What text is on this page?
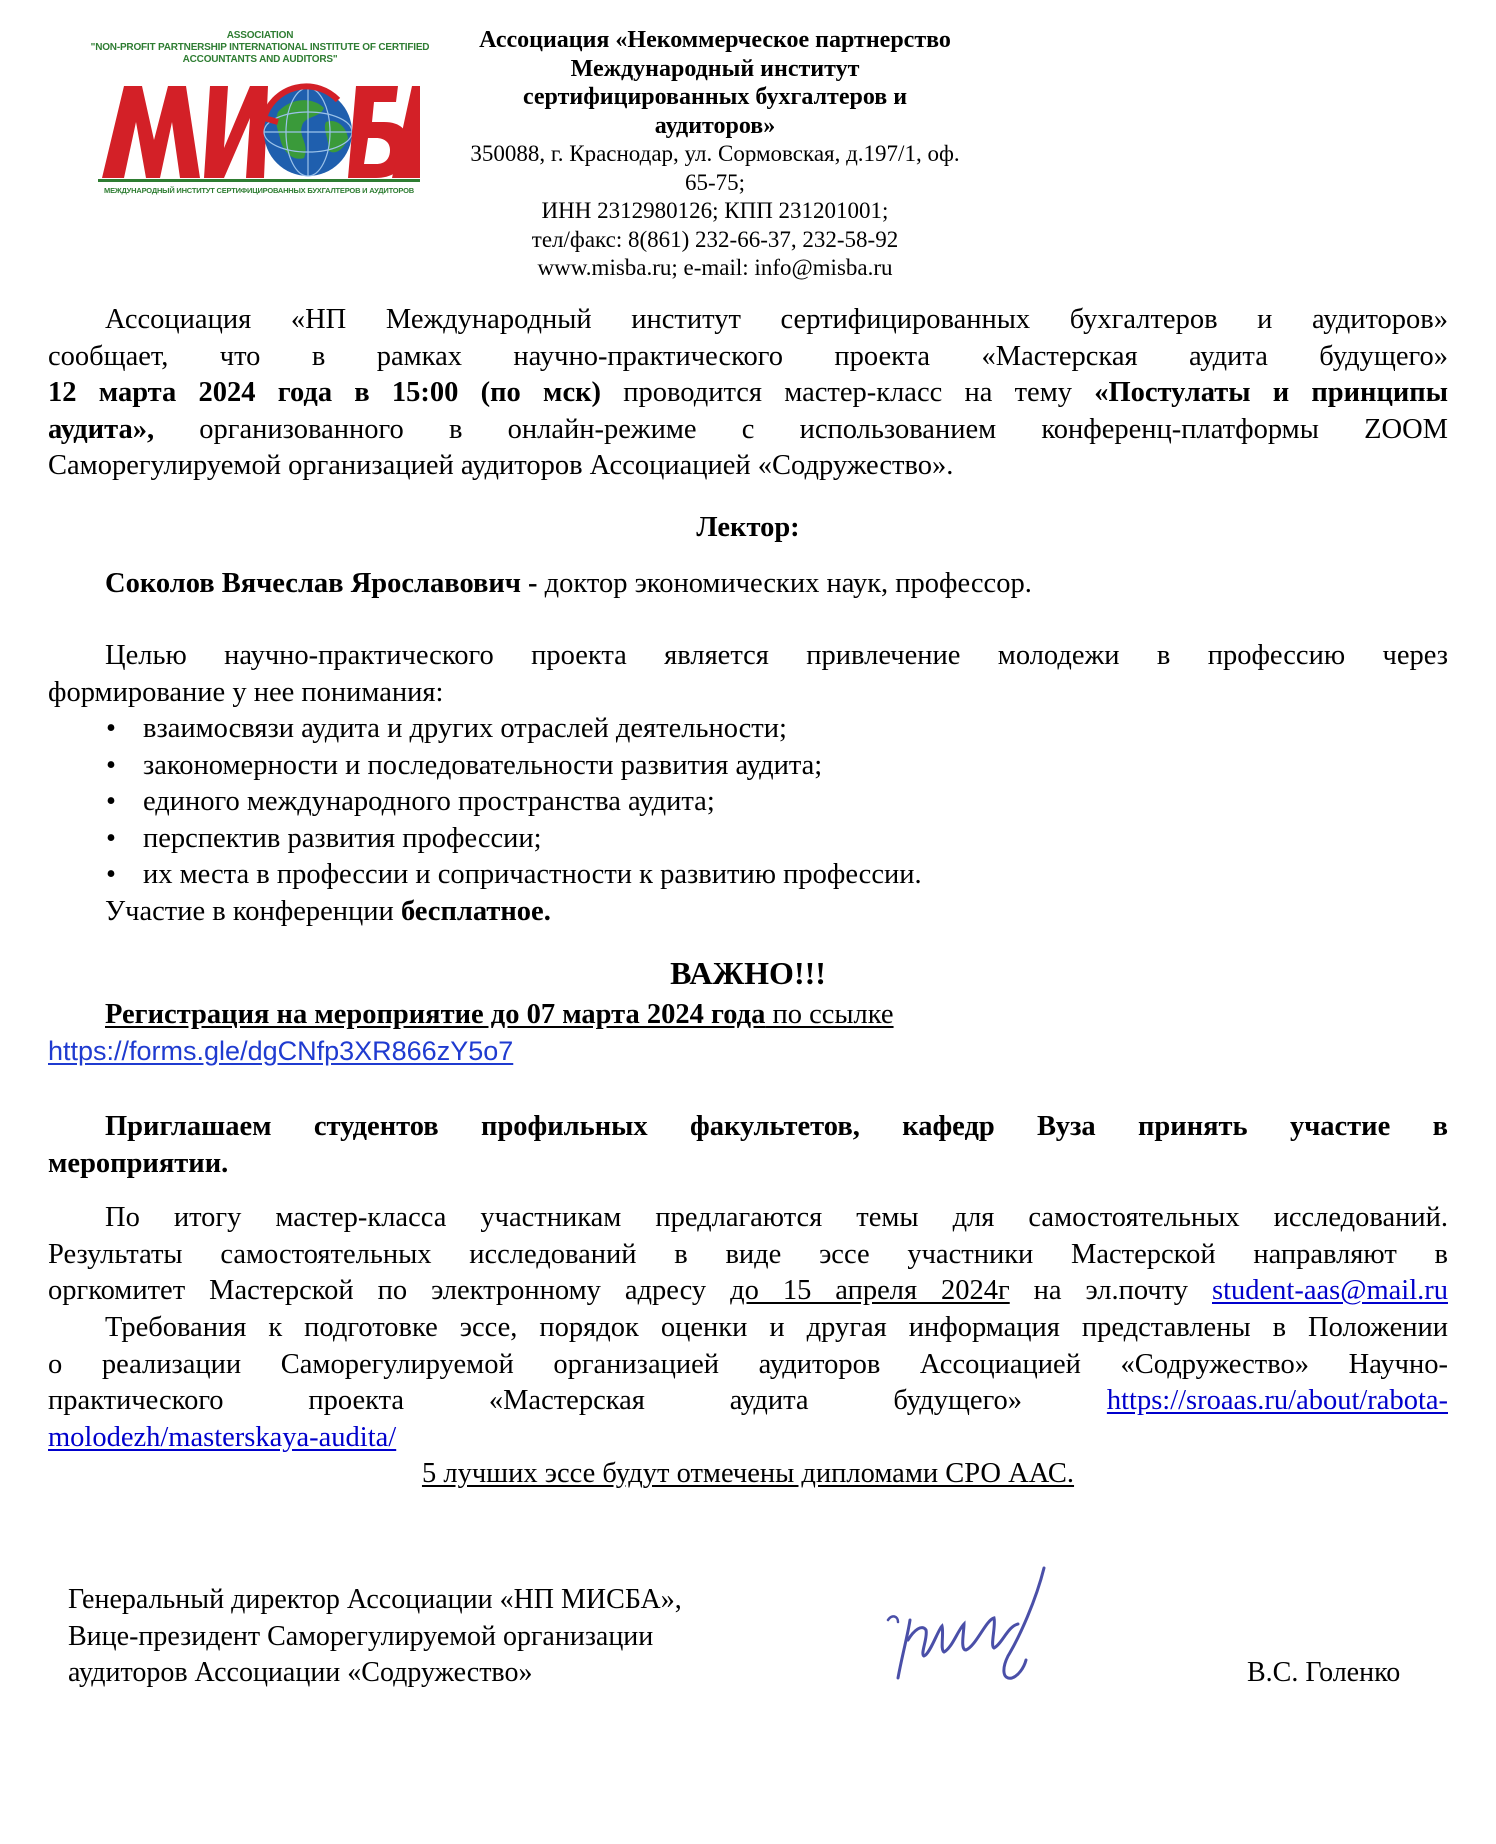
ASSOCIATION
"NON-PROFIT PARTNERSHIP INTERNATIONAL INSTITUTE OF CERTIFIED
ACCOUNTANTS AND AUDITORS"
МЕЖДУНАРОДНЫЙ ИНСТИТУТ СЕРТИФИЦИРОВАННЫХ БУХГАЛТЕРОВ И АУДИТОРОВ
Ассоциация «Некоммерческое партнерство
Международный институт сертифицированных бухгалтеров и аудиторов»
350088, г. Краснодар, ул. Сормовская, д.197/1, оф. 65-75;
ИНН 2312980126; КПП 231201001;
тел/факс: 8(861) 232-66-37, 232-58-92
www.misba.ru; e-mail: info@misba.ru
Ассоциация «НП Международный институт сертифицированных бухгалтеров и аудиторов»
сообщает, что в рамках научно-практического проекта «Мастерская аудита будущего»
12 марта 2024 года в 15:00 (по мск) проводится мастер-класс на тему «Постулаты и принципы
аудита», организованного в онлайн-режиме с использованием конференц-платформы ZOOM
Саморегулируемой организацией аудиторов Ассоциацией «Содружество».
Лектор:
Соколов Вячеслав Ярославович - доктор экономических наук, профессор.
Целью научно-практического проекта является привлечение молодежи в профессию через
формирование у нее понимания:
• взаимосвязи аудита и других отраслей деятельности;
• закономерности и последовательности развития аудита;
• единого международного пространства аудита;
• перспектив развития профессии;
• их места в профессии и сопричастности к развитию профессии.
Участие в конференции бесплатное.
ВАЖНО!!!
Регистрация на мероприятие до 07 марта 2024 года по ссылке
https://forms.gle/dgCNfp3XR866zY5o7
Приглашаем студентов профильных факультетов, кафедр Вуза принять участие в
мероприятии.
По итогу мастер-класса участникам предлагаются темы для самостоятельных исследований.
Результаты самостоятельных исследований в виде эссе участники Мастерской направляют в
оргкомитет Мастерской по электронному адресу до 15 апреля 2024г на эл.почту student-aas@mail.ru
Требования к подготовке эссе, порядок оценки и другая информация представлены в Положении
о реализации Саморегулируемой организацией аудиторов Ассоциацией «Содружество» Научно-
практического проекта «Мастерская аудита будущего» https://sroaas.ru/about/rabota-
molodezh/masterskaya-audita/
5 лучших эссе будут отмечены дипломами СРО ААС.
Генеральный директор Ассоциации «НП МИСБА»,
Вице-президент Саморегулируемой организации
аудиторов Ассоциации «Содружество»	В.С. Голенко
